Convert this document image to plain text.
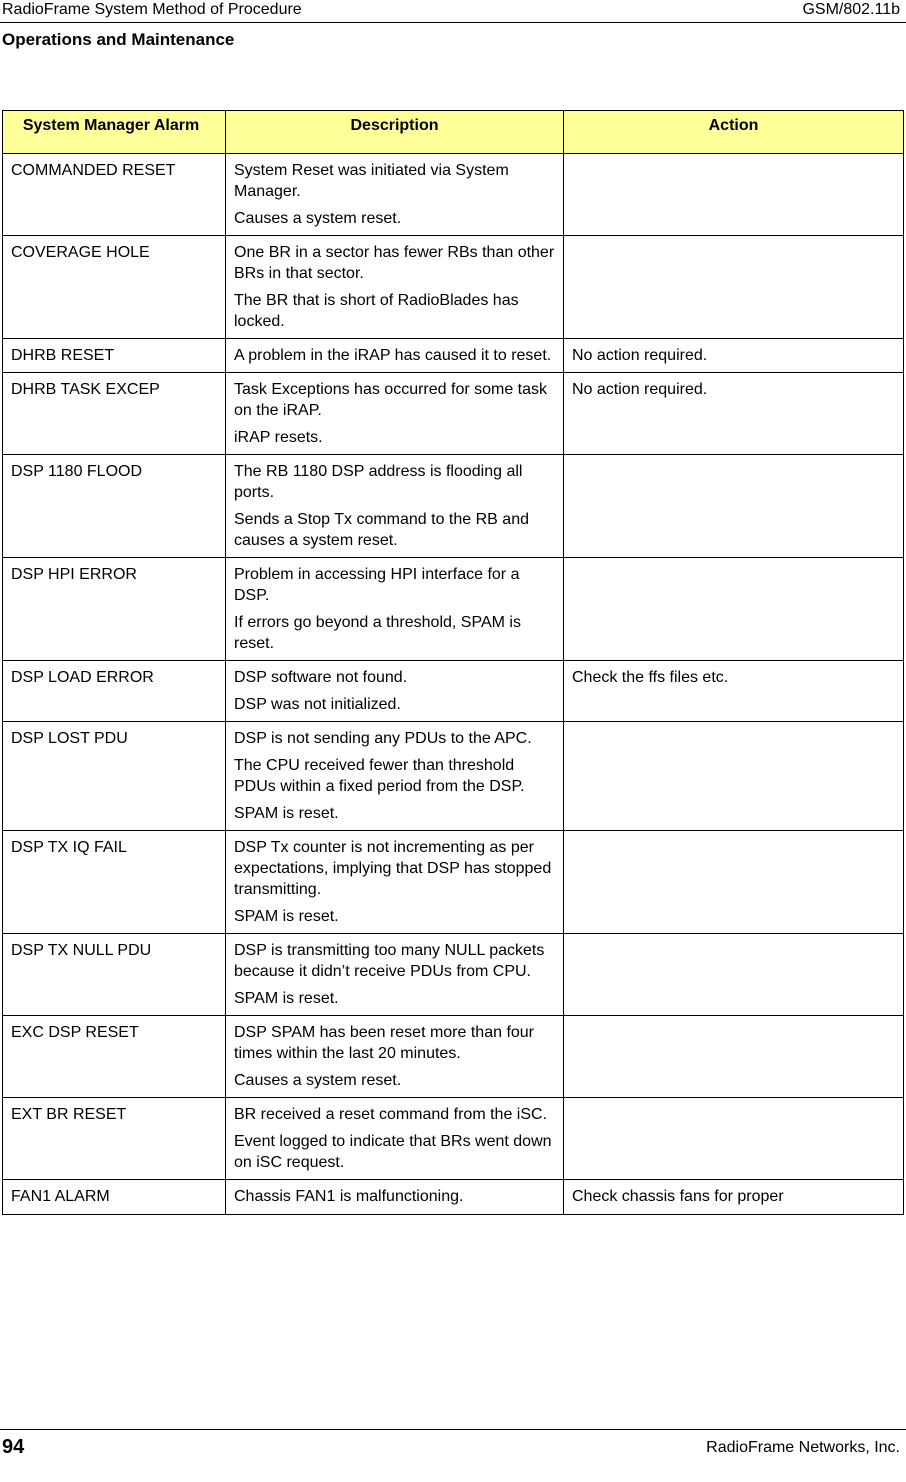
RadioFrame System Method of Procedure	GSM/802.11b
Operations and Maintenance
System Manager Alarm	Description	Action
COMMANDED RESET	System Reset was initiated via System Manager.

Causes a system reset.	

COVERAGE HOLE	One BR in a sector has fewer RBs than other BRs in that sector.

The BR that is short of RadioBlades has locked.	

DHRB RESET	A problem in the iRAP has caused it to reset.	No action required.
DHRB TASK EXCEP	Task Exceptions has occurred for some task on the iRAP.

iRAP resets.	No action required.
DSP 1180 FLOOD	The RB 1180 DSP address is flooding all ports.

Sends a Stop Tx command to the RB and causes a system reset.	

DSP HPI ERROR	Problem in accessing HPI interface for a DSP.

If errors go beyond a threshold, SPAM is reset.	

DSP LOAD ERROR	DSP software not found.

DSP was not initialized.	Check the ffs files etc.
DSP LOST PDU	DSP is not sending any PDUs to the APC.

The CPU received fewer than threshold PDUs within a fixed period from the DSP.

SPAM is reset.	

DSP TX IQ FAIL	DSP Tx counter is not incrementing as per expectations, implying that DSP has stopped transmitting.

SPAM is reset.	

DSP TX NULL PDU	DSP is transmitting too many NULL packets because it didn’t receive PDUs from CPU.

SPAM is reset.	

EXC DSP RESET	DSP SPAM has been reset more than four times within the last 20 minutes.

Causes a system reset.	

EXT BR RESET	BR received a reset command from the iSC.

Event logged to indicate that BRs went down on iSC request.	

FAN1 ALARM	Chassis FAN1 is malfunctioning.	Check chassis fans for proper
94	RadioFrame Networks, Inc.
